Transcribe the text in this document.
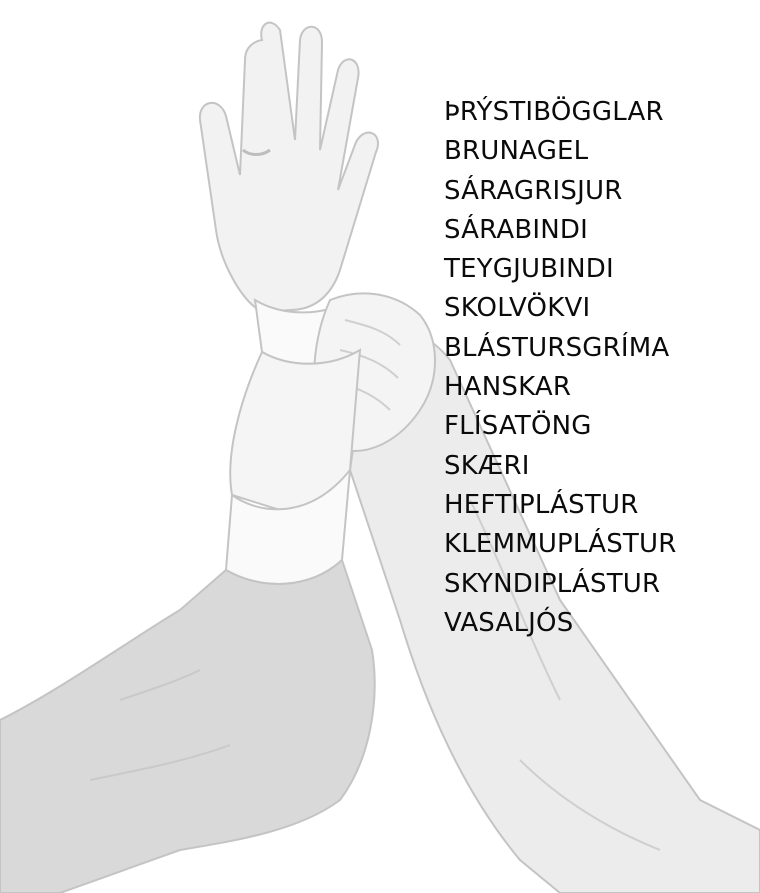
ÞRÝSTIBÖGGLAR
BRUNAGEL
SÁRAGRISJUR
SÁRABINDI
TEYGJUBINDI
SKOLVÖKVI
BLÁSTURSGRÍMA
HANSKAR
FLÍSATÖNG
SKÆRI
HEFTIPLÁSTUR
KLEMMUPLÁSTUR
SKYNDIPLÁSTUR
VASALJÓS
